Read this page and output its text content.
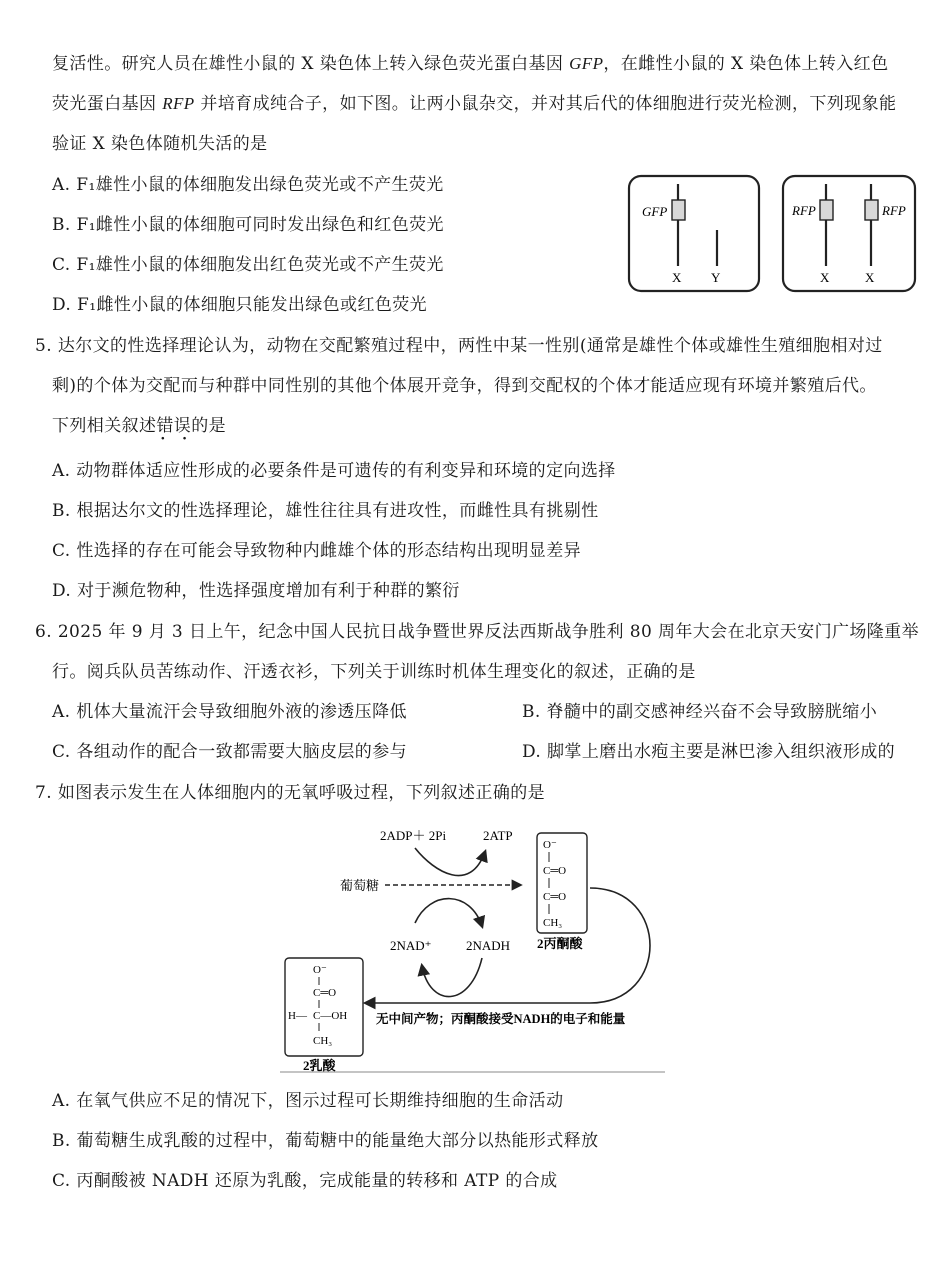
复活性。研究人员在雄性小鼠的 X 染色体上转入绿色荧光蛋白基因 GFP，在雌性小鼠的 X 染色体上转入红色
荧光蛋白基因 RFP 并培育成纯合子，如下图。让两小鼠杂交，并对其后代的体细胞进行荧光检测，下列现象能
验证 X 染色体随机失活的是
A. F₁雄性小鼠的体细胞发出绿色荧光或不产生荧光
B. F₁雌性小鼠的体细胞可同时发出绿色和红色荧光
C. F₁雄性小鼠的体细胞发出红色荧光或不产生荧光
D. F₁雌性小鼠的体细胞只能发出绿色或红色荧光
GFP
X Y
RFP	RFP
X	X
5. 达尔文的性选择理论认为，动物在交配繁殖过程中，两性中某一性别(通常是雄性个体或雄性生殖细胞相对过
剩)的个体为交配而与种群中同性别的其他个体展开竞争，得到交配权的个体才能适应现有环境并繁殖后代。
下列相关叙述错误 · ·的是
A. 动物群体适应性形成的必要条件是可遗传的有利变异和环境的定向选择
B. 根据达尔文的性选择理论，雄性往往具有进攻性，而雌性具有挑剔性
C. 性选择的存在可能会导致物种内雌雄个体的形态结构出现明显差异
D. 对于濒危物种，性选择强度增加有利于种群的繁衍
6. 2025 年 9 月 3 日上午，纪念中国人民抗日战争暨世界反法西斯战争胜利 80 周年大会在北京天安门广场隆重举
行。阅兵队员苦练动作、汗透衣衫，下列关于训练时机体生理变化的叙述，正确的是
A. 机体大量流汗会导致细胞外液的渗透压降低	B. 脊髓中的副交感神经兴奋不会导致膀胱缩小
C. 各组动作的配合一致都需要大脑皮层的参与	D. 脚掌上磨出水疱主要是淋巴渗入组织液形成的
7. 如图表示发生在人体细胞内的无氧呼吸过程，下列叙述正确的是
2ADP＋ 2Pi	2ATP
葡萄糖
2NAD⁺	2NADH
O⁻
C═O
C═O
CH₃
2丙酮酸
无中间产物；丙酮酸接受NADH的电子和能量
O⁻
C═O
H— C—OH
CH₃
2乳酸
A. 在氧气供应不足的情况下，图示过程可长期维持细胞的生命活动
B. 葡萄糖生成乳酸的过程中，葡萄糖中的能量绝大部分以热能形式释放
C. 丙酮酸被 NADH 还原为乳酸，完成能量的转移和 ATP 的合成
